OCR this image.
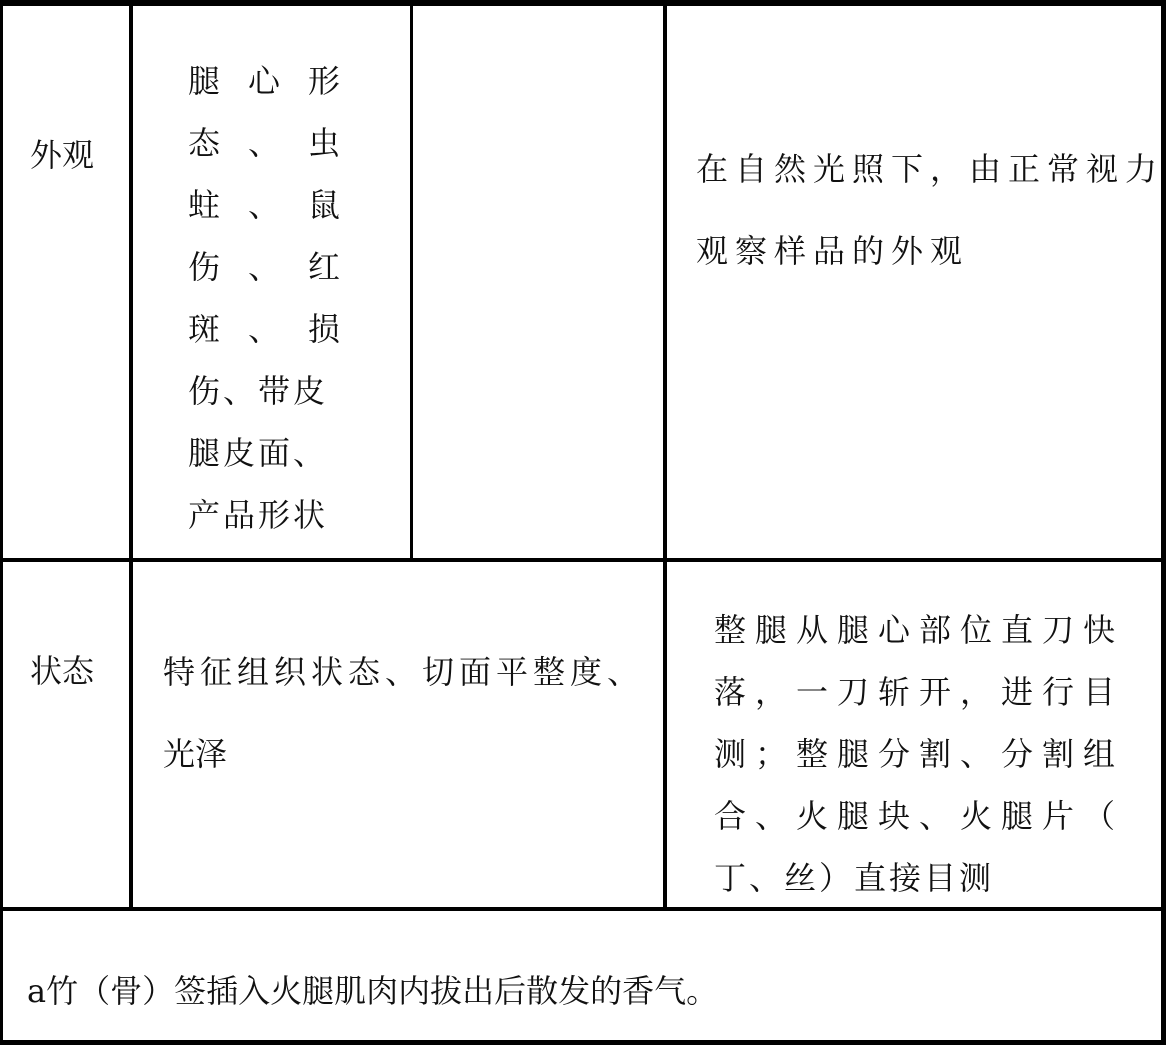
外观

腿 心 形
态 、 虫
蛀 、 鼠
伤 、 红
斑 、 损
伤、带皮
腿皮面、
产品形状

在自然光照下，由正常视力

观察样品的外观

状态 特征组织状态、切面平整度、

光泽

整腿从腿心部位直刀快

落，一刀斩开，进行目

测；整腿分割、分割组

合、火腿块、火腿片（

丁、丝）直接目测

a竹（骨）签插入火腿肌肉内拔出后散发的香气。
